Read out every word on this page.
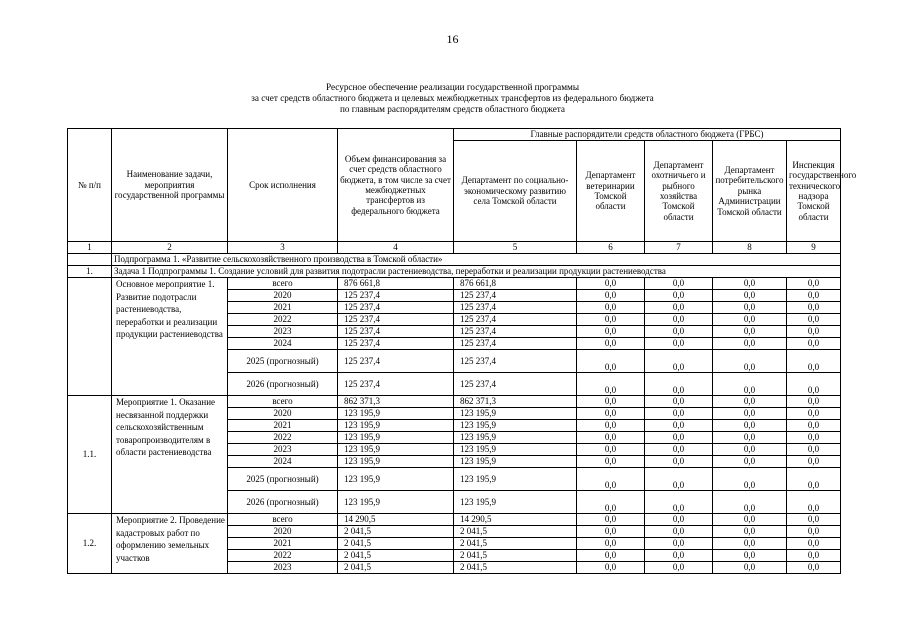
16
Ресурсное обеспечение реализации государственной программы
за счет средств областного бюджета и целевых межбюджетных трансфертов из федерального бюджета
по главным распорядителям средств областного бюджета
№ п/п	Наименование задачи, мероприятия государственной программы	Срок исполнения	Объем финансирования за счет средств областного бюджета, в том числе за счет межбюджетных трансфертов из федерального бюджета	Главные распорядители средств областного бюджета (ГРБС)				
				Департамент по социально-экономическому развитию села Томской области	Департамент ветеринарии Томской области	Департамент охотничьего и рыбного хозяйства Томской области	Департамент потребительского рынка Администрации Томской области	Инспекция государственного технического надзора Томской области
1	2	3	4	5	6	7	8	9
	Подпрограмма 1. «Развитие сельскохозяйственного производства в Томской области»							
1.	Задача 1 Подпрограммы 1. Создание условий для развития подотрасли растениеводства, переработки и реализации продукции растениеводства							
	Основное мероприятие 1. Развитие подотрасли растениеводства, переработки и реализации продукции растениеводства	всего	876 661,8	876 661,8	0,0	0,0	0,0	0,0
		2020	125 237,4	125 237,4	0,0	0,0	0,0	0,0
		2021	125 237,4	125 237,4	0,0	0,0	0,0	0,0
		2022	125 237,4	125 237,4	0,0	0,0	0,0	0,0
		2023	125 237,4	125 237,4	0,0	0,0	0,0	0,0
		2024	125 237,4	125 237,4	0,0	0,0	0,0	0,0
		2025 (прогнозный)	125 237,4	125 237,4	0,0	0,0	0,0	0,0
		2026 (прогнозный)	125 237,4	125 237,4	0,0	0,0	0,0	0,0
1.1.	Мероприятие 1. Оказание несвязанной поддержки сельскохозяйственным товаропроизводителям в области растениеводства	всего	862 371,3	862 371,3	0,0	0,0	0,0	0,0
		2020	123 195,9	123 195,9	0,0	0,0	0,0	0,0
		2021	123 195,9	123 195,9	0,0	0,0	0,0	0,0
		2022	123 195,9	123 195,9	0,0	0,0	0,0	0,0
		2023	123 195,9	123 195,9	0,0	0,0	0,0	0,0
		2024	123 195,9	123 195,9	0,0	0,0	0,0	0,0
		2025 (прогнозный)	123 195,9	123 195,9	0,0	0,0	0,0	0,0
		2026 (прогнозный)	123 195,9	123 195,9	0,0	0,0	0,0	0,0
1.2.	Мероприятие 2. Проведение кадастровых работ по оформлению земельных участков	всего	14 290,5	14 290,5	0,0	0,0	0,0	0,0
		2020	2 041,5	2 041,5	0,0	0,0	0,0	0,0
		2021	2 041,5	2 041,5	0,0	0,0	0,0	0,0
		2022	2 041,5	2 041,5	0,0	0,0	0,0	0,0
		2023	2 041,5	2 041,5	0,0	0,0	0,0	0,0
